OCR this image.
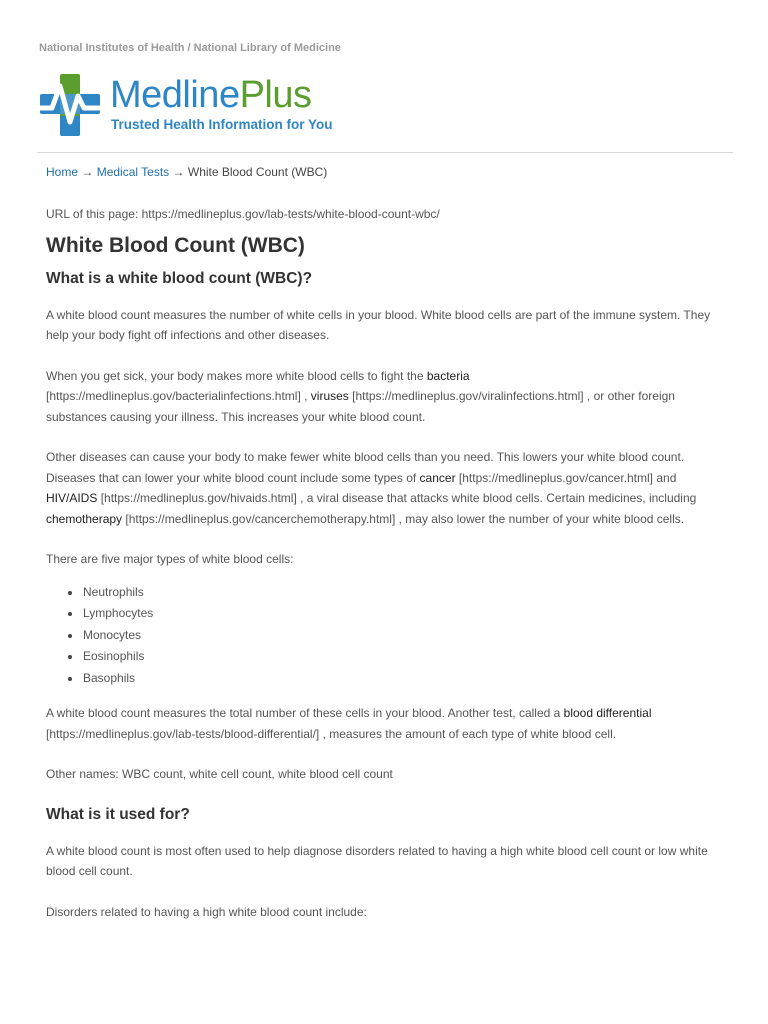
National Institutes of Health / National Library of Medicine
MedlinePlus
Trusted Health Information for You
Home → Medical Tests → White Blood Count (WBC)

URL of this page: https://medlineplus.gov/lab-tests/white-blood-count-wbc/

White Blood Count (WBC)
What is a white blood count (WBC)?

A white blood count measures the number of white cells in your blood. White blood cells are part of the immune system. They help your body fight off infections and other diseases.

When you get sick, your body makes more white blood cells to fight the bacteria [https://medlineplus.gov/bacterialinfections.html] , viruses [https://medlineplus.gov/viralinfections.html] , or other foreign substances causing your illness. This increases your white blood count.

Other diseases can cause your body to make fewer white blood cells than you need. This lowers your white blood count. Diseases that can lower your white blood count include some types of cancer [https://medlineplus.gov/cancer.html] and HIV/AIDS [https://medlineplus.gov/hivaids.html] , a viral disease that attacks white blood cells. Certain medicines, including chemotherapy [https://medlineplus.gov/cancerchemotherapy.html] , may also lower the number of your white blood cells.

There are five major types of white blood cells:

Neutrophils
Lymphocytes
Monocytes
Eosinophils
Basophils

A white blood count measures the total number of these cells in your blood. Another test, called a blood differential [https://medlineplus.gov/lab-tests/blood-differential/] , measures the amount of each type of white blood cell.

Other names: WBC count, white cell count, white blood cell count

What is it used for?

A white blood count is most often used to help diagnose disorders related to having a high white blood cell count or low white blood cell count.

Disorders related to having a high white blood count include:
